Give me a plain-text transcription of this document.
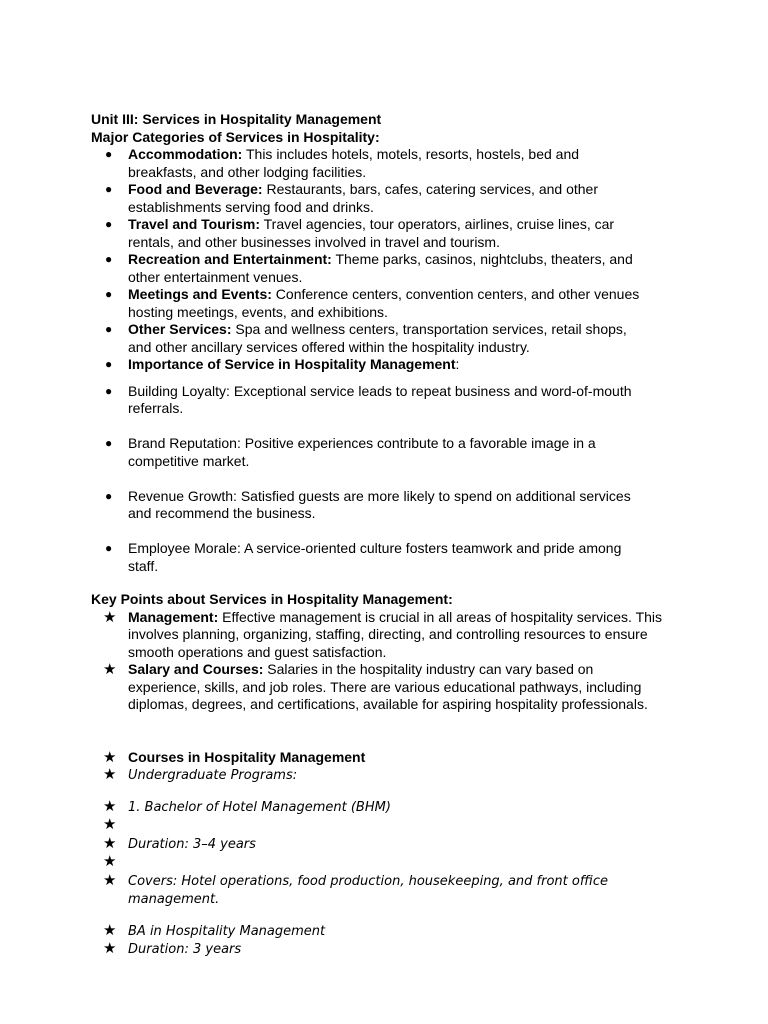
Unit III: Services in Hospitality Management
Major Categories of Services in Hospitality:
● Accommodation: This includes hotels, motels, resorts, hostels, bed and breakfasts, and other lodging facilities.
● Food and Beverage: Restaurants, bars, cafes, catering services, and other establishments serving food and drinks.
● Travel and Tourism: Travel agencies, tour operators, airlines, cruise lines, car rentals, and other businesses involved in travel and tourism.
● Recreation and Entertainment: Theme parks, casinos, nightclubs, theaters, and other entertainment venues.
● Meetings and Events: Conference centers, convention centers, and other venues hosting meetings, events, and exhibitions.
● Other Services: Spa and wellness centers, transportation services, retail shops, and other ancillary services offered within the hospitality industry.
● Importance of Service in Hospitality Management:
● Building Loyalty: Exceptional service leads to repeat business and word-of-mouth referrals.
● Brand Reputation: Positive experiences contribute to a favorable image in a competitive market.
● Revenue Growth: Satisfied guests are more likely to spend on additional services and recommend the business.
● Employee Morale: A service-oriented culture fosters teamwork and pride among staff.
Key Points about Services in Hospitality Management:
★ Management: Effective management is crucial in all areas of hospitality services. This involves planning, organizing, staffing, directing, and controlling resources to ensure smooth operations and guest satisfaction.
★ Salary and Courses: Salaries in the hospitality industry can vary based on experience, skills, and job roles. There are various educational pathways, including diplomas, degrees, and certifications, available for aspiring hospitality professionals.
★ Courses in Hospitality Management
★ Undergraduate Programs:
★ 1. Bachelor of Hotel Management (BHM)
★
★ Duration: 3–4 years
★
★ Covers: Hotel operations, food production, housekeeping, and front office management.
★ BA in Hospitality Management
★ Duration: 3 years
